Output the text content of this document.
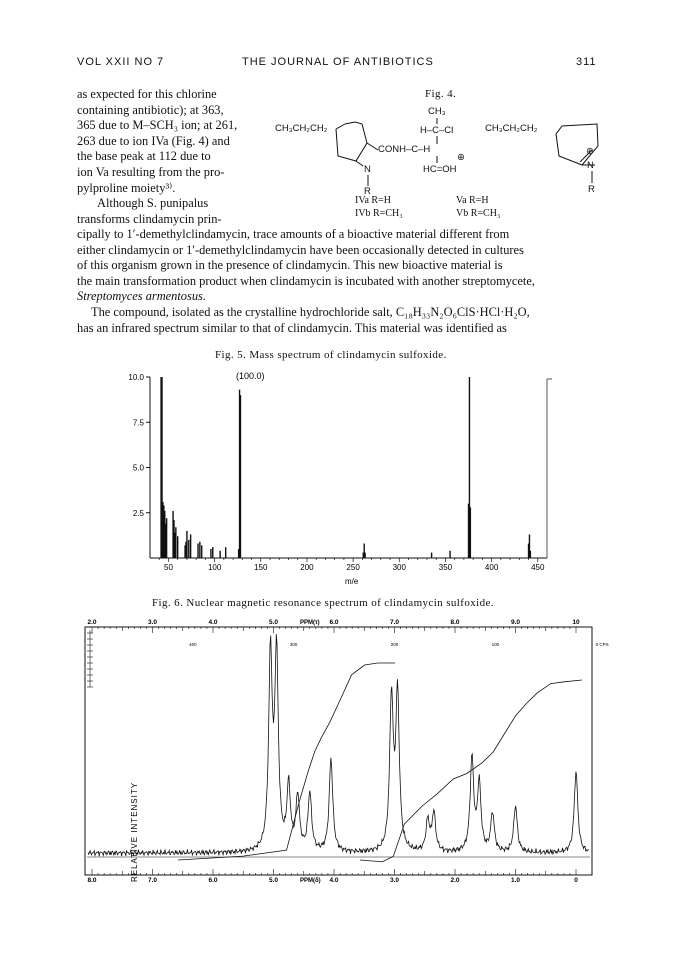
VOL XXII NO 7	THE JOURNAL OF ANTIBIOTICS	311
as expected for this chlorine
containing antibiotic); at 363,
365 due to M–SCH₃ ion; at 261,
263 due to ion IVa (Fig. 4) and
the base peak at 112 due to
ion Va resulting from the pro-
pylproline moiety³⁾.
Although S. punipalus
transforms clindamycin prin-
Fig. 4.
CH₃CH₂CH₂
CH₃
H–C–Cl
CONH–C–H
⊕
HC=OH
N
R
CH₃CH₂CH₂
⊕
N
R
IVa R=H
IVb R=CH₃
Va R=H
Vb R=CH₃
cipally to 1′-demethylclindamycin, trace amounts of a bioactive material different from
either clindamycin or 1′-demethylclindamycin have been occasionally detected in cultures
of this organism grown in the presence of clindamycin. This new bioactive material is
the main transformation product when clindamycin is incubated with another streptomycete,
Streptomyces armentosus.
The compound, isolated as the crystalline hydrochloride salt, C₁₈H₃₃N₂O₆ClS·HCl·H₂O,
has an infrared spectrum similar to that of clindamycin. This material was identified as
Fig. 5. Mass spectrum of clindamycin sulfoxide.
(100.0)
RELATIVE INTENSITY
m/e
2.5
5.0
7.5
10.0
50	100	150	200	250	300	350	400	450
Fig. 6. Nuclear magnetic resonance spectrum of clindamycin sulfoxide.
PPM(τ)
PPM(δ)
2.0	3.0	4.0	5.0	6.0	7.0	8.0	9.0	10
8.0	7.0	6.0	5.0	4.0	3.0	2.0	1.0	0
400	300	200	100	0 CPS
